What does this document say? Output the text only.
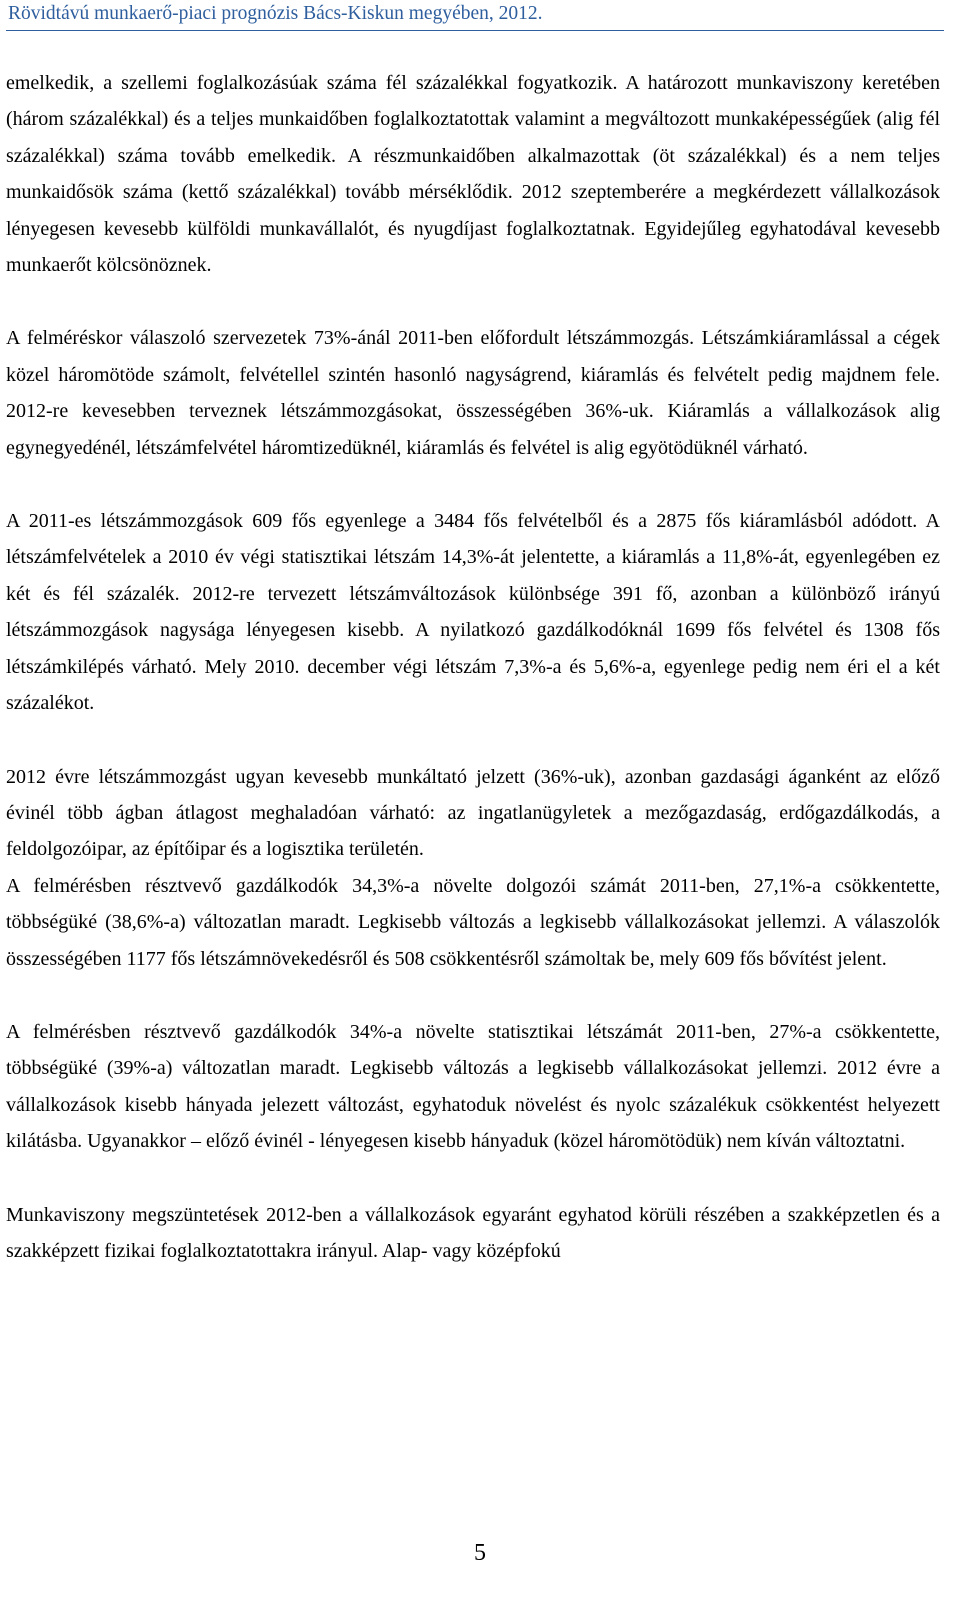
Rövidtávú munkaerő-piaci prognózis Bács-Kiskun megyében, 2012.

emelkedik, a szellemi foglalkozásúak száma fél százalékkal fogyatkozik. A határozott munkaviszony keretében (három százalékkal) és a teljes munkaidőben foglalkoztatottak valamint a megváltozott munkaképességűek (alig fél százalékkal) száma tovább emelkedik. A részmunkaidőben alkalmazottak (öt százalékkal) és a nem teljes munkaidősök száma (kettő százalékkal) tovább mérséklődik. 2012 szeptemberére a megkérdezett vállalkozások lényegesen kevesebb külföldi munkavállalót, és nyugdíjast foglalkoztatnak. Egyidejűleg egyhatodával kevesebb munkaerőt kölcsönöznek.

A felméréskor válaszoló szervezetek 73%-ánál 2011-ben előfordult létszámmozgás. Létszámkiáramlással a cégek közel háromötöde számolt, felvétellel szintén hasonló nagyságrend, kiáramlás és felvételt pedig majdnem fele. 2012-re kevesebben terveznek létszámmozgásokat, összességében 36%-uk. Kiáramlás a vállalkozások alig egynegyedénél, létszámfelvétel háromtizedüknél, kiáramlás és felvétel is alig egyötödüknél várható.

A 2011-es létszámmozgások 609 fős egyenlege a 3484 fős felvételből és a 2875 fős kiáramlásból adódott. A létszámfelvételek a 2010 év végi statisztikai létszám 14,3%-át jelentette, a kiáramlás a 11,8%-át, egyenlegében ez két és fél százalék. 2012-re tervezett létszámváltozások különbsége 391 fő, azonban a különböző irányú létszámmozgások nagysága lényegesen kisebb. A nyilatkozó gazdálkodóknál 1699 fős felvétel és 1308 fős létszámkilépés várható. Mely 2010. december végi létszám 7,3%-a és 5,6%-a, egyenlege pedig nem éri el a két százalékot.

2012 évre létszámmozgást ugyan kevesebb munkáltató jelzett (36%-uk), azonban gazdasági áganként az előző évinél több ágban átlagost meghaladóan várható: az ingatlanügyletek a mezőgazdaság, erdőgazdálkodás, a feldolgozóipar, az építőipar és a logisztika területén.

A felmérésben résztvevő gazdálkodók 34,3%-a növelte dolgozói számát 2011-ben, 27,1%-a csökkentette, többségüké (38,6%-a) változatlan maradt. Legkisebb változás a legkisebb vállalkozásokat jellemzi. A válaszolók összességében 1177 fős létszámnövekedésről és 508 csökkentésről számoltak be, mely 609 fős bővítést jelent.

A felmérésben résztvevő gazdálkodók 34%-a növelte statisztikai létszámát 2011-ben, 27%-a csökkentette, többségüké (39%-a) változatlan maradt. Legkisebb változás a legkisebb vállalkozásokat jellemzi. 2012 évre a vállalkozások kisebb hányada jelezett változást, egyhatoduk növelést és nyolc százalékuk csökkentést helyezett kilátásba. Ugyanakkor – előző évinél - lényegesen kisebb hányaduk (közel háromötödük) nem kíván változtatni.

Munkaviszony megszüntetések 2012-ben a vállalkozások egyaránt egyhatod körüli részében a szakképzetlen és a szakképzett fizikai foglalkoztatottakra irányul. Alap- vagy középfokú

5
